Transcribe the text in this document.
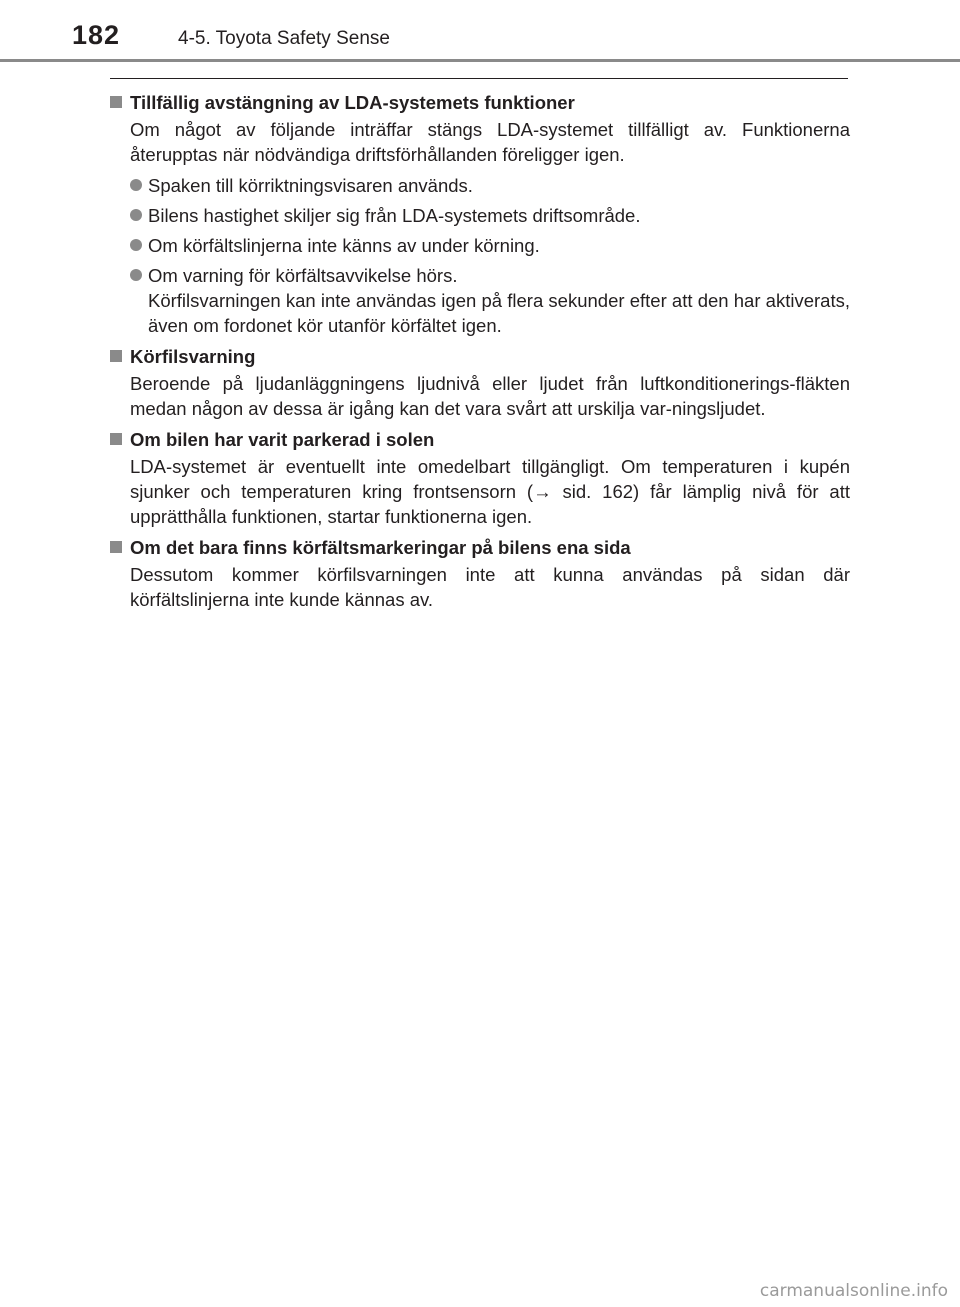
182	4-5. Toyota Safety Sense
Tillfällig avstängning av LDA-systemets funktioner
Om något av följande inträffar stängs LDA-systemet tillfälligt av. Funktionerna återupptas när nödvändiga driftsförhållanden föreligger igen.
Spaken till körriktningsvisaren används.
Bilens hastighet skiljer sig från LDA-systemets driftsområde.
Om körfältslinjerna inte känns av under körning.
Om varning för körfältsavvikelse hörs.
Körfilsvarningen kan inte användas igen på flera sekunder efter att den har aktiverats, även om fordonet kör utanför körfältet igen.
Körfilsvarning
Beroende på ljudanläggningens ljudnivå eller ljudet från luftkonditionerings-fläkten medan någon av dessa är igång kan det vara svårt att urskilja var-ningsljudet.
Om bilen har varit parkerad i solen
LDA-systemet är eventuellt inte omedelbart tillgängligt. Om temperaturen i kupén sjunker och temperaturen kring frontsensorn (→ sid. 162) får lämplig nivå för att upprätthålla funktionen, startar funktionerna igen.
Om det bara finns körfältsmarkeringar på bilens ena sida
Dessutom kommer körfilsvarningen inte att kunna användas på sidan där körfältslinjerna inte kunde kännas av.
carmanualsonline.info
